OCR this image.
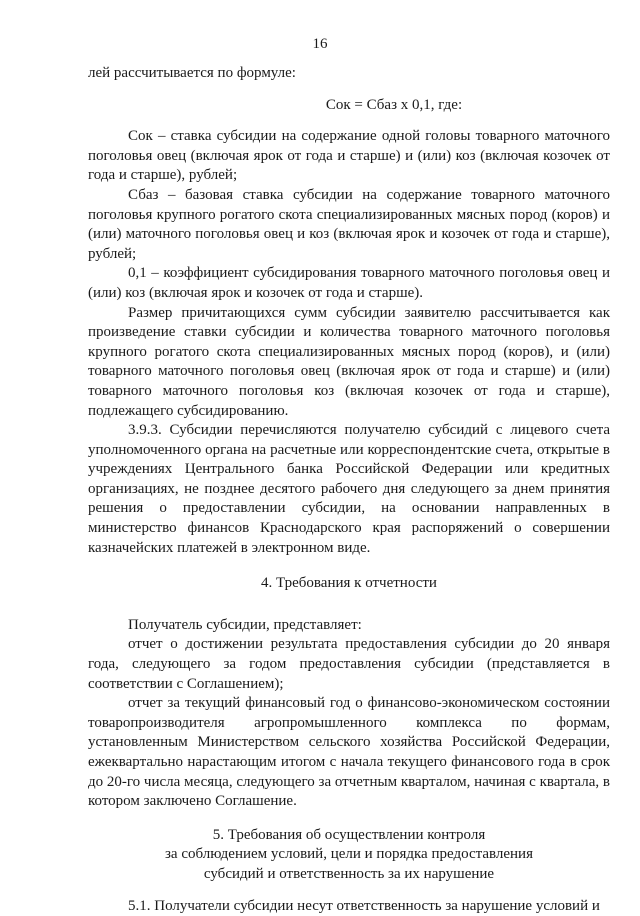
16

лей рассчитывается по формуле:

Сок = Сбаз х 0,1, где:

Сок – ставка субсидии на содержание одной головы товарного маточного поголовья овец (включая ярок от года и старше) и (или) коз (включая козочек от года и старше), рублей;

Сбаз – базовая ставка субсидии на содержание товарного маточного поголовья крупного рогатого скота специализированных мясных пород (коров) и (или) маточного поголовья овец и коз (включая ярок и козочек от года и старше), рублей;

0,1 – коэффициент субсидирования товарного маточного поголовья овец и (или) коз (включая ярок и козочек от года и старше).

Размер причитающихся сумм субсидии заявителю рассчитывается как произведение ставки субсидии и количества товарного маточного поголовья крупного рогатого скота специализированных мясных пород (коров), и (или) товарного маточного поголовья овец (включая ярок от года и старше) и (или) товарного маточного поголовья коз (включая козочек от года и старше), подлежащего субсидированию.

3.9.3. Субсидии перечисляются получателю субсидий с лицевого счета уполномоченного органа на расчетные или корреспондентские счета, открытые в учреждениях Центрального банка Российской Федерации или кредитных организациях, не позднее десятого рабочего дня следующего за днем принятия решения о предоставлении субсидии, на основании направленных в министерство финансов Краснодарского края распоряжений о совершении казначейских платежей в электронном виде.

4. Требования к отчетности

Получатель субсидии, представляет:

отчет о достижении результата предоставления субсидии до 20 января года, следующего за годом предоставления субсидии (представляется в соответствии с Соглашением);

отчет за текущий финансовый год о финансово-экономическом состоянии товаропроизводителя агропромышленного комплекса по формам, установленным Министерством сельского хозяйства Российской Федерации, ежеквартально нарастающим итогом с начала текущего финансового года в срок до 20-го числа месяца, следующего за отчетным кварталом, начиная с квартала, в котором заключено Соглашение.

5. Требования об осуществлении контроля
за соблюдением условий, цели и порядка предоставления
субсидий и ответственность за их нарушение

5.1. Получатели субсидии несут ответственность за нарушение условий и
